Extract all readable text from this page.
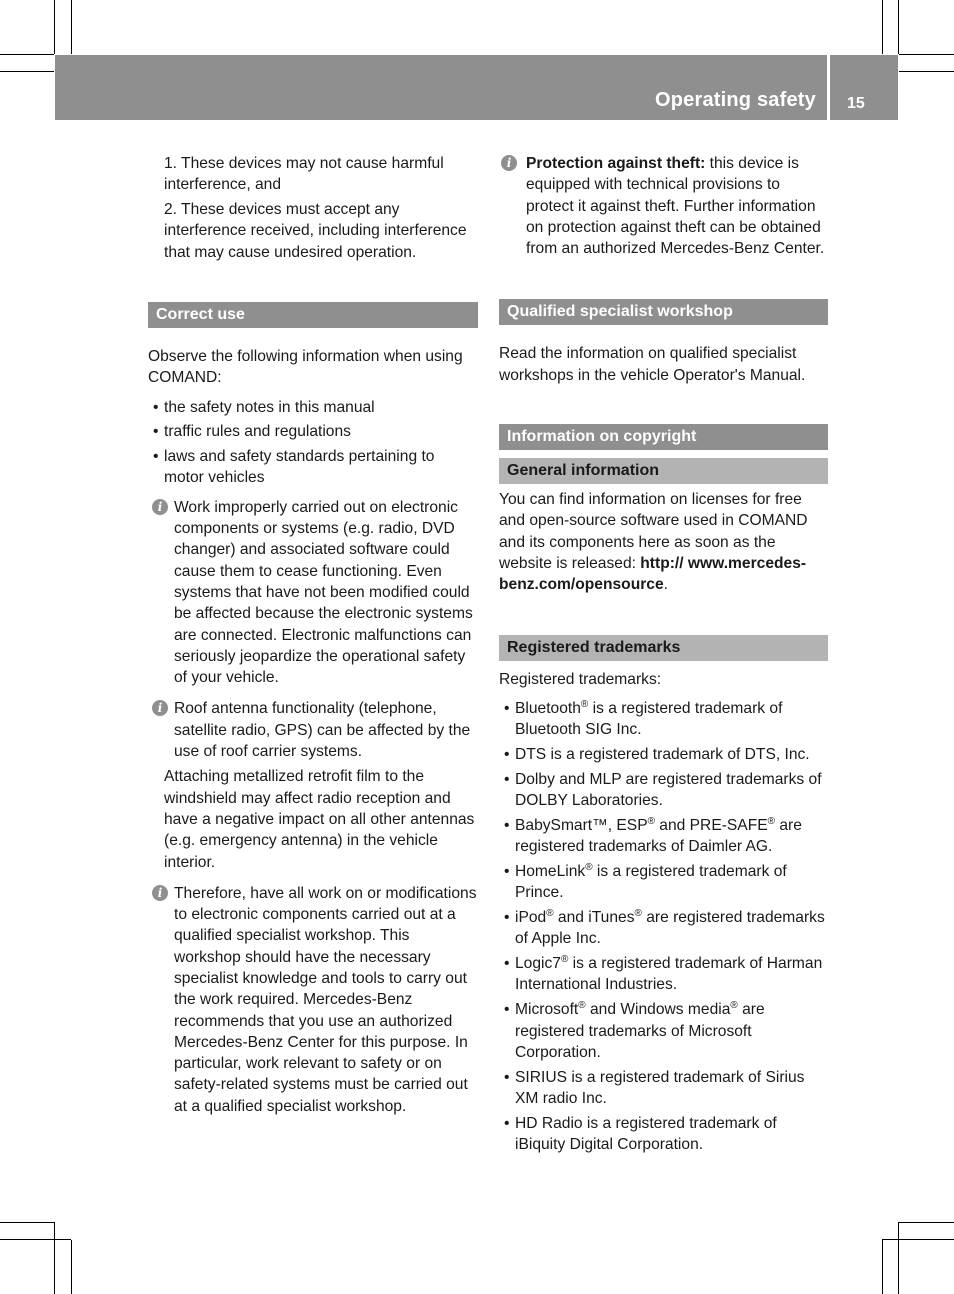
Operating safety 15

1. These devices may not cause harmful interference, and

2. These devices must accept any interference received, including interference that may cause undesired operation.

Correct use

Observe the following information when using COMAND:

• the safety notes in this manual
• traffic rules and regulations
• laws and safety standards pertaining to motor vehicles
i Work improperly carried out on electronic components or systems (e.g. radio, DVD changer) and associated software could cause them to cease functioning. Even systems that have not been modified could be affected because the electronic systems are connected. Electronic malfunctions can seriously jeopardize the operational safety of your vehicle.

i Roof antenna functionality (telephone, satellite radio, GPS) can be affected by the use of roof carrier systems.

Attaching metallized retrofit film to the windshield may affect radio reception and have a negative impact on all other antennas (e.g. emergency antenna) in the vehicle interior.

i Therefore, have all work on or modifications to electronic components carried out at a qualified specialist workshop. This workshop should have the necessary specialist knowledge and tools to carry out the work required. Mercedes-Benz recommends that you use an authorized Mercedes-Benz Center for this purpose. In particular, work relevant to safety or on safety-related systems must be carried out at a qualified specialist workshop.

i Protection against theft: this device is equipped with technical provisions to protect it against theft. Further information on protection against theft can be obtained from an authorized Mercedes-Benz Center.

Qualified specialist workshop

Read the information on qualified specialist workshops in the vehicle Operator's Manual.

Information on copyright
General information

You can find information on licenses for free and open-source software used in COMAND and its components here as soon as the website is released: http:// www.mercedes-benz.com/opensource.

Registered trademarks

Registered trademarks:

• Bluetooth® is a registered trademark of Bluetooth SIG Inc.
• DTS is a registered trademark of DTS, Inc.
• Dolby and MLP are registered trademarks of DOLBY Laboratories.
• BabySmart™, ESP® and PRE-SAFE® are registered trademarks of Daimler AG.
• HomeLink® is a registered trademark of Prince.
• iPod® and iTunes® are registered trademarks of Apple Inc.
• Logic7® is a registered trademark of Harman International Industries.
• Microsoft® and Windows media® are registered trademarks of Microsoft Corporation.
• SIRIUS is a registered trademark of Sirius XM radio Inc.
• HD Radio is a registered trademark of iBiquity Digital Corporation.
